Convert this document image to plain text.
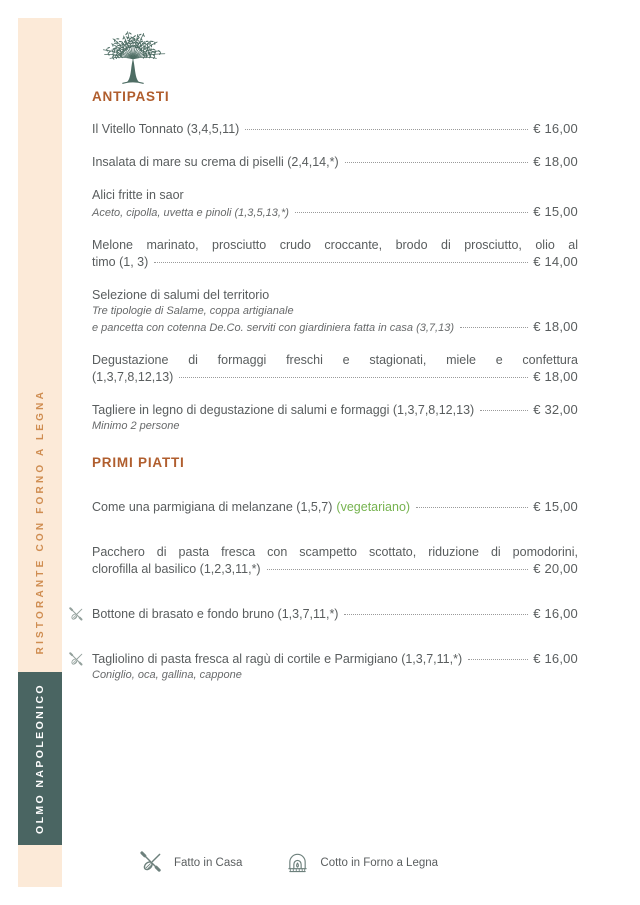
RISTORANTE CON FORNO A LEGNA
OLMO NAPOLEONICO
ANTIPASTI
Il Vitello Tonnato (3,4,5,11)	€ 16,00
Insalata di mare su crema di piselli (2,4,14,*)	€ 18,00
Alici fritte in saor
Aceto, cipolla, uvetta e pinoli (1,3,5,13,*)	€ 15,00
Melone marinato, prosciutto crudo croccante, brodo di prosciutto, olio al
timo (1, 3)	€ 14,00
Selezione di salumi del territorio
Tre tipologie di Salame, coppa artigianale
e pancetta con cotenna De.Co. serviti con giardiniera fatta in casa (3,7,13)	€ 18,00
Degustazione di formaggi freschi e stagionati, miele e confettura
(1,3,7,8,12,13)	€ 18,00
Tagliere in legno di degustazione di salumi e formaggi (1,3,7,8,12,13)	€ 32,00
Minimo 2 persone
PRIMI PIATTI
Come una parmigiana di melanzane (1,5,7) (vegetariano)	€ 15,00
Pacchero di pasta fresca con scampetto scottato, riduzione di pomodorini,
clorofilla al basilico (1,2,3,11,*)	€ 20,00
Bottone di brasato e fondo bruno (1,3,7,11,*)	€ 16,00
Tagliolino di pasta fresca al ragù di cortile e Parmigiano (1,3,7,11,*)	€ 16,00
Coniglio, oca, gallina, cappone
Fatto in Casa	Cotto in Forno a Legna
